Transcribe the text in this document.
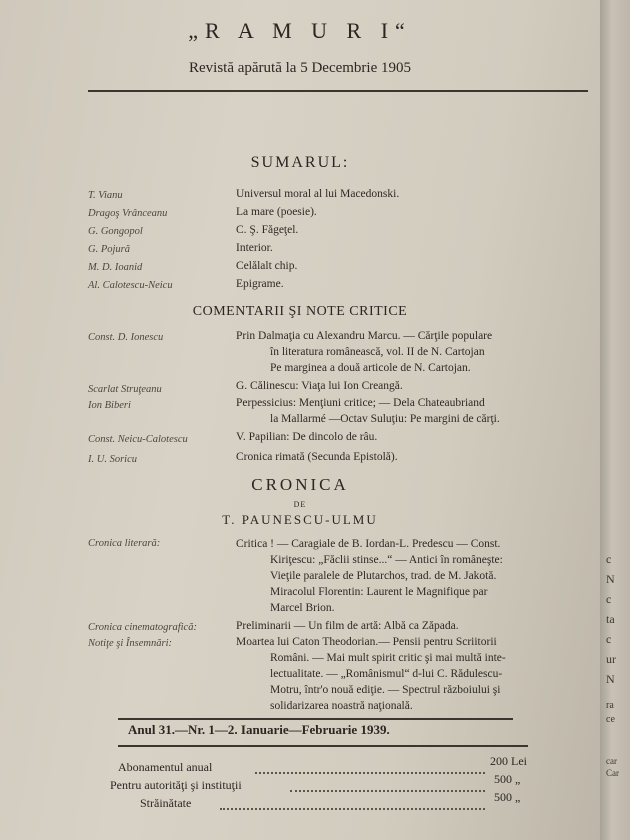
„R A M U R I“
Revistă apărută la 5 Decembrie 1905
SUMARUL:
T. Vianu	Universul moral al lui Macedonski.
Dragoş Vrânceanu	La mare (poesie).
G. Gongopol	C. Ş. Făgeţel.
G. Pojură	Interior.
M. D. Ioanid	Celălalt chip.
Al. Calotescu-Neicu	Epigrame.
COMENTARII ŞI NOTE CRITICE
Const. D. Ionescu	Prin Dalmaţia cu Alexandru Marcu. — Cărţile populare
în literatura românească, vol. II de N. Cartojan
Pe marginea a două articole de N. Cartojan.
Scarlat Struţeanu	G. Călinescu: Viaţa lui Ion Creangă.
Ion Biberi	Perpessicius: Menţiuni critice; — Dela Chateaubriand
la Mallarmé —Octav Suluţiu: Pe margini de cărţi.
Const. Neicu-Calotescu	V. Papilian: De dincolo de râu.
I. U. Soricu	Cronica rimată (Secunda Epistolă).
CRONICA
DE
T. PAUNESCU-ULMU
Cronica literară:	Critica ! — Caragiale de B. Iordan-L. Predescu — Const.
Kiriţescu: „Făclii stinse...“ — Antici în româneşte:
Vieţile paralele de Plutarchos, trad. de M. Jakotă.
Miracolul Florentin: Laurent le Magnifique par
Marcel Brion.
Cronica cinematografică:	Preliminarii — Un film de artă: Albă ca Zăpada.
Notiţe şi Însemnări:	Moartea lui Caton Theodorian.— Pensii pentru Scriitorii
Români. — Mai mult spirit critic şi mai multă inte-
lectualitate. — „Românismul“ d-lui C. Rădulescu-
Motru, într'o nouă ediţie. — Spectrul războiului şi
solidarizarea noastră naţională.
Anul 31.—Nr. 1—2. Ianuarie—Februarie 1939.
Abonamentul anual	200 Lei
Pentru autorităţi şi instituţii	500 „
Străinătate	500 „
c
N
c
ta
c
ur
N
ra
ce
car
Car
